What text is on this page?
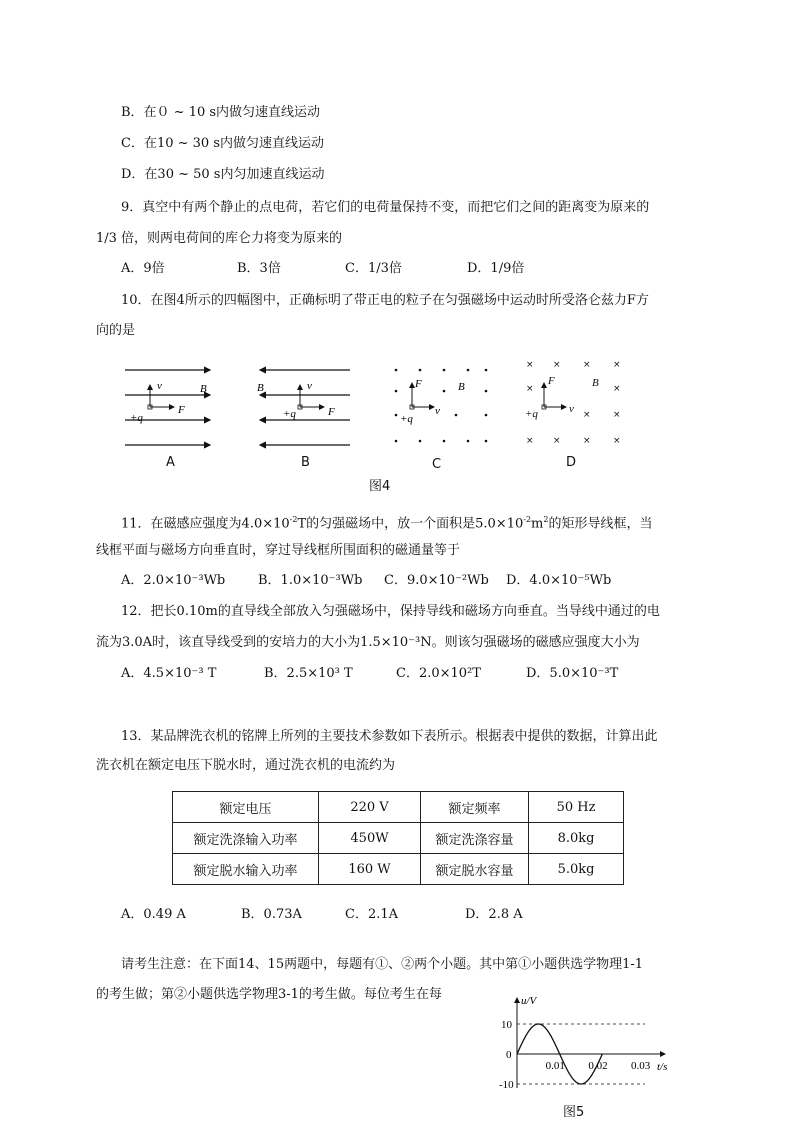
B．在０ ~ 10 s内做匀速直线运动
C．在10 ~ 30 s内做匀速直线运动
D．在30 ~ 50 s内匀加速直线运动
9．真空中有两个静止的点电荷，若它们的电荷量保持不变，而把它们之间的距离变为原来的
1/3 倍，则两电荷间的库仑力将变为原来的
A．9倍	B．3倍	C．1/3倍	D．1/9倍
10．在图4所示的四幅图中，正确标明了带正电的粒子在匀强磁场中运动时所受洛仑兹力F方
向的是
v	B
F
+q
v
B
F
+q
F	B
v
+q
× × × ×
×	×
×
× × × ×
×
F	B
v
+q
A	B	C	D
图4
11．在磁感应强度为$4.0\times 10^{-2}T$的匀强磁场中，放一个面积是$5.0\times 10^{-2}m^2$的矩形导线框，当
线框平面与磁场方向垂直时，穿过导线框所围面积的磁通量等于
A．2.0×10⁻³Wb	B．1.0×10⁻³Wb C．9.0×10⁻²Wb D．4.0×10⁻⁵Wb
12．把长0.10m的直导线全部放入匀强磁场中，保持导线和磁场方向垂直。当导线中通过的电
流为3.0A时，该直导线受到的安培力的大小为1.5×10⁻³N。则该匀强磁场的磁感应强度大小为
A．4.5×10⁻³ T	B．2.5×10³ T	C．2.0×10²T	D．5.0×10⁻³T
13．某品牌洗衣机的铭牌上所列的主要技术参数如下表所示。根据表中提供的数据，计算出此
洗衣机在额定电压下脱水时，通过洗衣机的电流约为
额定电压	220 V	额定频率	50 Hz
额定洗涤输入功率	450W	额定洗涤容量	8.0kg
额定脱水输入功率	160 W	额定脱水容量	5.0kg
A．0.49 A	B．0.73A	C．2.1A	D．2.8 A
请考生注意：在下面14、15两题中，每题有①、②两个小题。其中第①小题供选学物理1-1
的考生做；第②小题供选学物理3-1的考生做。每位考生在每	u/V
t/s
10
0
-10
0.01 0.02 0.03
图5
